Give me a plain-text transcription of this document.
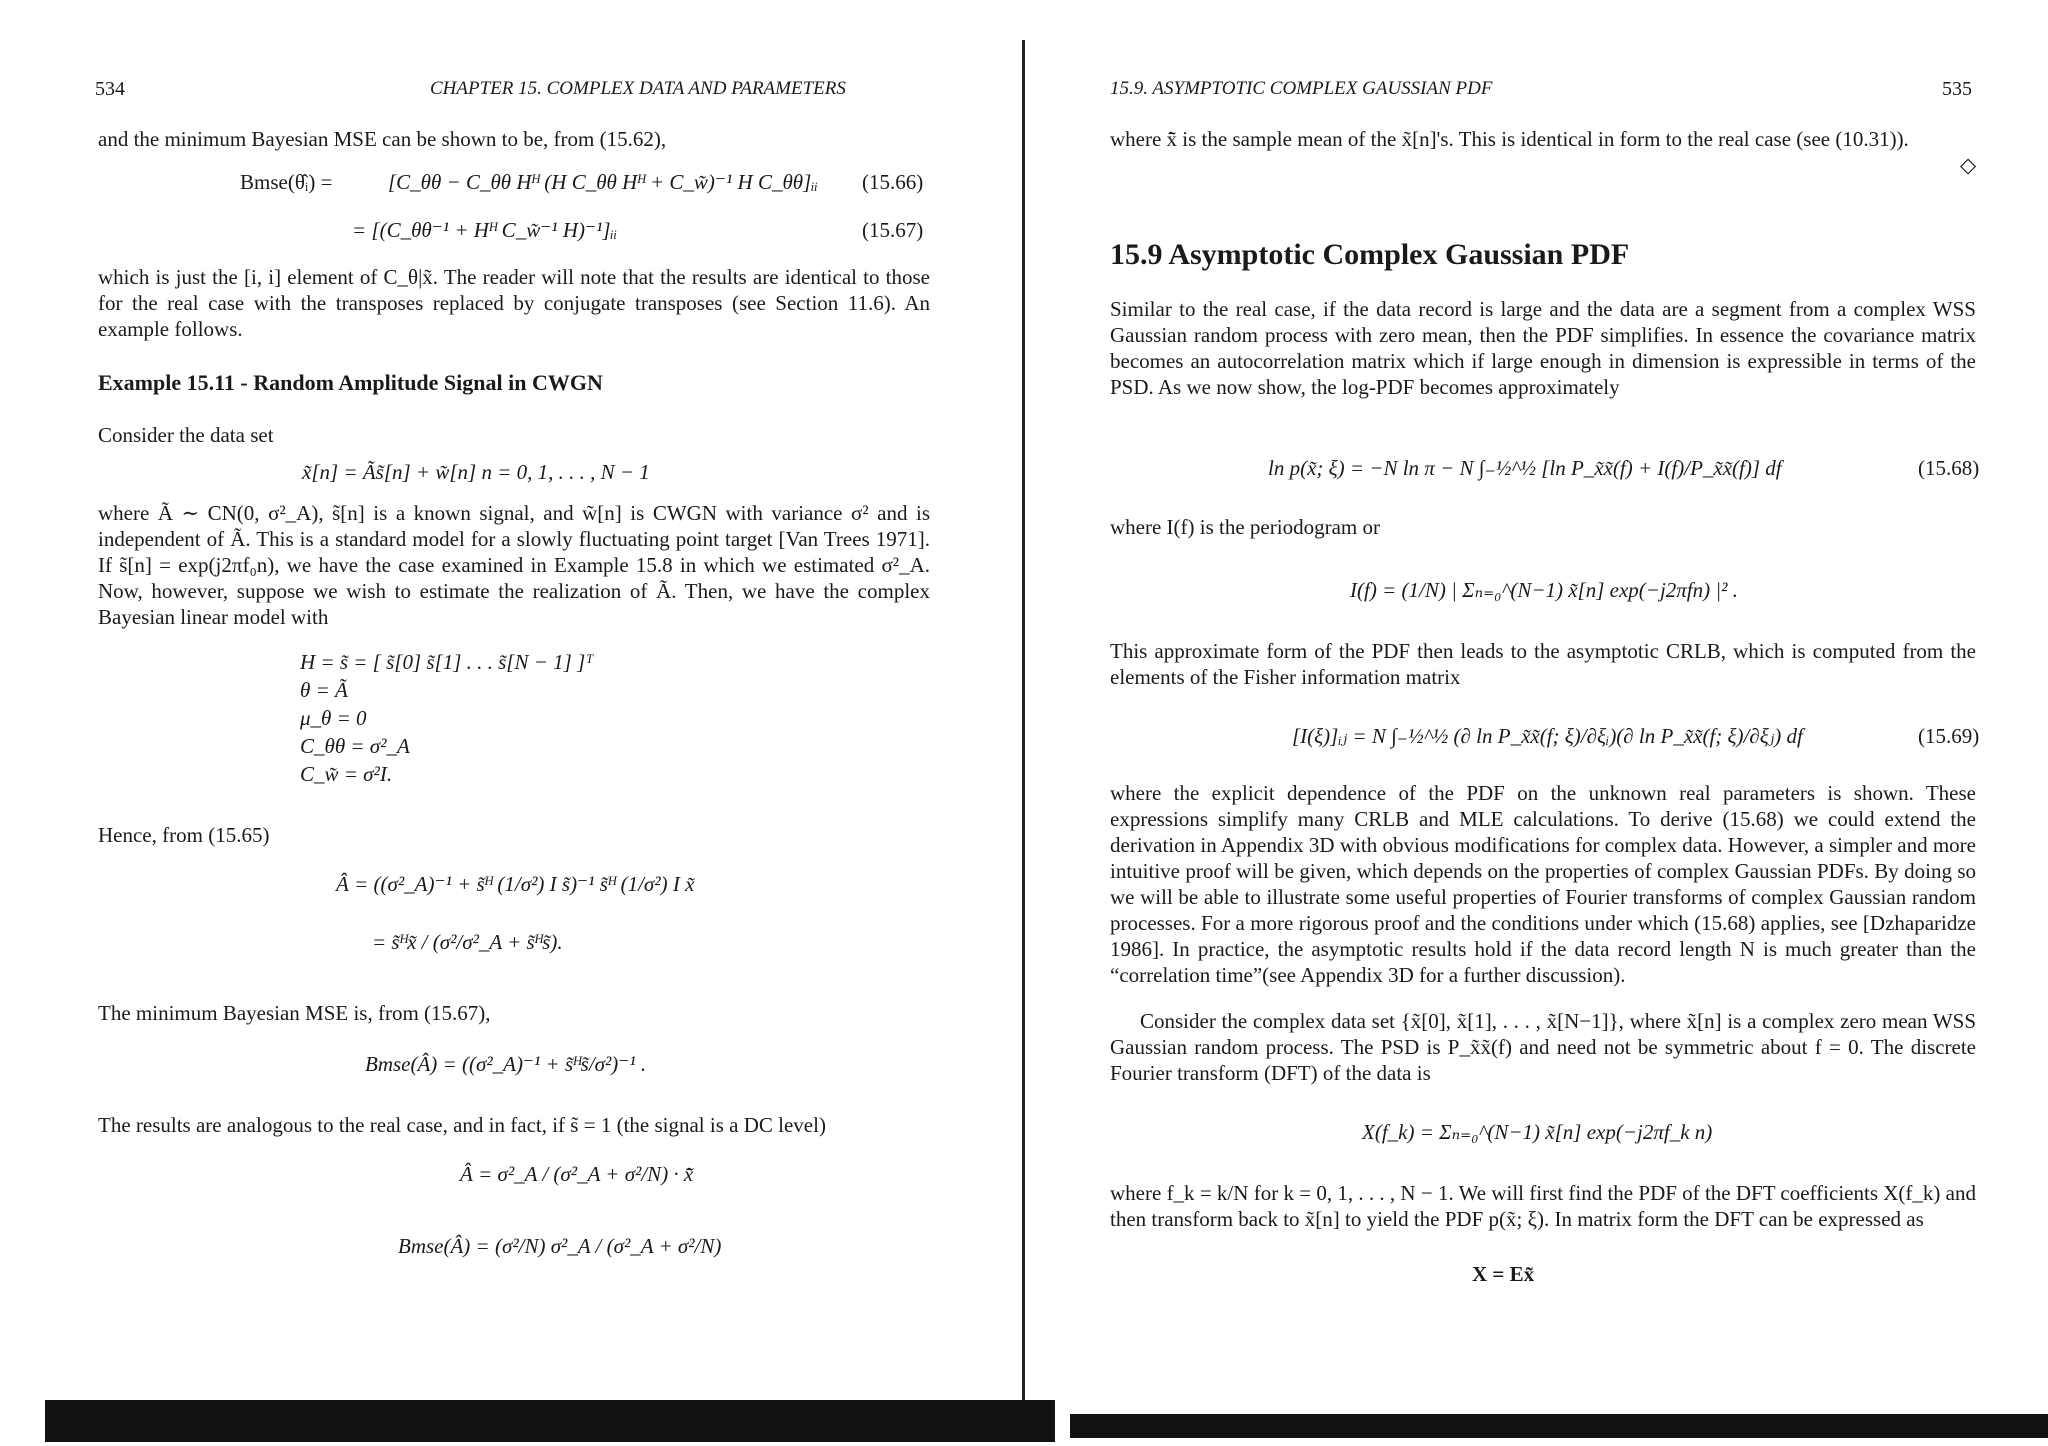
534	CHAPTER 15. COMPLEX DATA AND PARAMETERS
and the minimum Bayesian MSE can be shown to be, from (15.62),
Bmse(θ̂ᵢ) =	[C_θθ − C_θθ Hᴴ (H C_θθ Hᴴ + C_w̃)⁻¹ H C_θθ]ᵢᵢ (15.66)
= [(C_θθ⁻¹ + Hᴴ C_w̃⁻¹ H)⁻¹]ᵢᵢ	(15.67)
which is just the [i, i] element of C_θ|x̃. The reader will note that the results are identical to those for the real case with the transposes replaced by conjugate transposes (see Section 11.6). An example follows.
Example 15.11 - Random Amplitude Signal in CWGN
Consider the data set
x̃[n] = Ãs̃[n] + w̃[n] n = 0, 1, . . . , N − 1
where Ã ∼ CN(0, σ²_A), s̃[n] is a known signal, and w̃[n] is CWGN with variance σ² and is independent of Ã. This is a standard model for a slowly fluctuating point target [Van Trees 1971]. If s̃[n] = exp(j2πf₀n), we have the case examined in Example 15.8 in which we estimated σ²_A. Now, however, suppose we wish to estimate the realization of Ã. Then, we have the complex Bayesian linear model with
H = s̃ = [ s̃[0] s̃[1] . . . s̃[N − 1] ]ᵀ
θ = Ã
μ_θ = 0
C_θθ = σ²_A
C_w̃ = σ²I.
Hence, from (15.65)
Â = ((σ²_A)⁻¹ + s̃ᴴ (1/σ²) I s̃)⁻¹ s̃ᴴ (1/σ²) I x̃
= s̃ᴴx̃ / (σ²/σ²_A + s̃ᴴs̃).
The minimum Bayesian MSE is, from (15.67),
Bmse(Â) = ((σ²_A)⁻¹ + s̃ᴴs̃/σ²)⁻¹ .
The results are analogous to the real case, and in fact, if s̃ = 1 (the signal is a DC level)
Â = σ²_A / (σ²_A + σ²/N) · x̄̃
Bmse(Â) = (σ²/N) σ²_A / (σ²_A + σ²/N)
15.9. ASYMPTOTIC COMPLEX GAUSSIAN PDF	535
where x̄̃ is the sample mean of the x̃[n]'s. This is identical in form to the real case (see (10.31)).
◇
15.9 Asymptotic Complex Gaussian PDF
Similar to the real case, if the data record is large and the data are a segment from a complex WSS Gaussian random process with zero mean, then the PDF simplifies. In essence the covariance matrix becomes an autocorrelation matrix which if large enough in dimension is expressible in terms of the PSD. As we now show, the log-PDF becomes approximately
ln p(x̃; ξ) = −N ln π − N ∫₋½^½ [ln P_x̃x̃(f) + I(f)/P_x̃x̃(f)] df	(15.68)
where I(f) is the periodogram or
I(f) = (1/N) | Σₙ₌₀^(N−1) x̃[n] exp(−j2πfn) |² .
This approximate form of the PDF then leads to the asymptotic CRLB, which is computed from the elements of the Fisher information matrix
[I(ξ)]ᵢⱼ = N ∫₋½^½ (∂ ln P_x̃x̃(f; ξ)/∂ξᵢ)(∂ ln P_x̃x̃(f; ξ)/∂ξⱼ) df	(15.69)
where the explicit dependence of the PDF on the unknown real parameters is shown. These expressions simplify many CRLB and MLE calculations. To derive (15.68) we could extend the derivation in Appendix 3D with obvious modifications for complex data. However, a simpler and more intuitive proof will be given, which depends on the properties of complex Gaussian PDFs. By doing so we will be able to illustrate some useful properties of Fourier transforms of complex Gaussian random processes. For a more rigorous proof and the conditions under which (15.68) applies, see [Dzhaparidze 1986]. In practice, the asymptotic results hold if the data record length N is much greater than the “correlation time”(see Appendix 3D for a further discussion).
Consider the complex data set {x̃[0], x̃[1], . . . , x̃[N−1]}, where x̃[n] is a complex zero mean WSS Gaussian random process. The PSD is P_x̃x̃(f) and need not be symmetric about f = 0. The discrete Fourier transform (DFT) of the data is
X(f_k) = Σₙ₌₀^(N−1) x̃[n] exp(−j2πf_k n)
where f_k = k/N for k = 0, 1, . . . , N − 1. We will first find the PDF of the DFT coefficients X(f_k) and then transform back to x̃[n] to yield the PDF p(x̃; ξ). In matrix form the DFT can be expressed as
X = Ex̃
